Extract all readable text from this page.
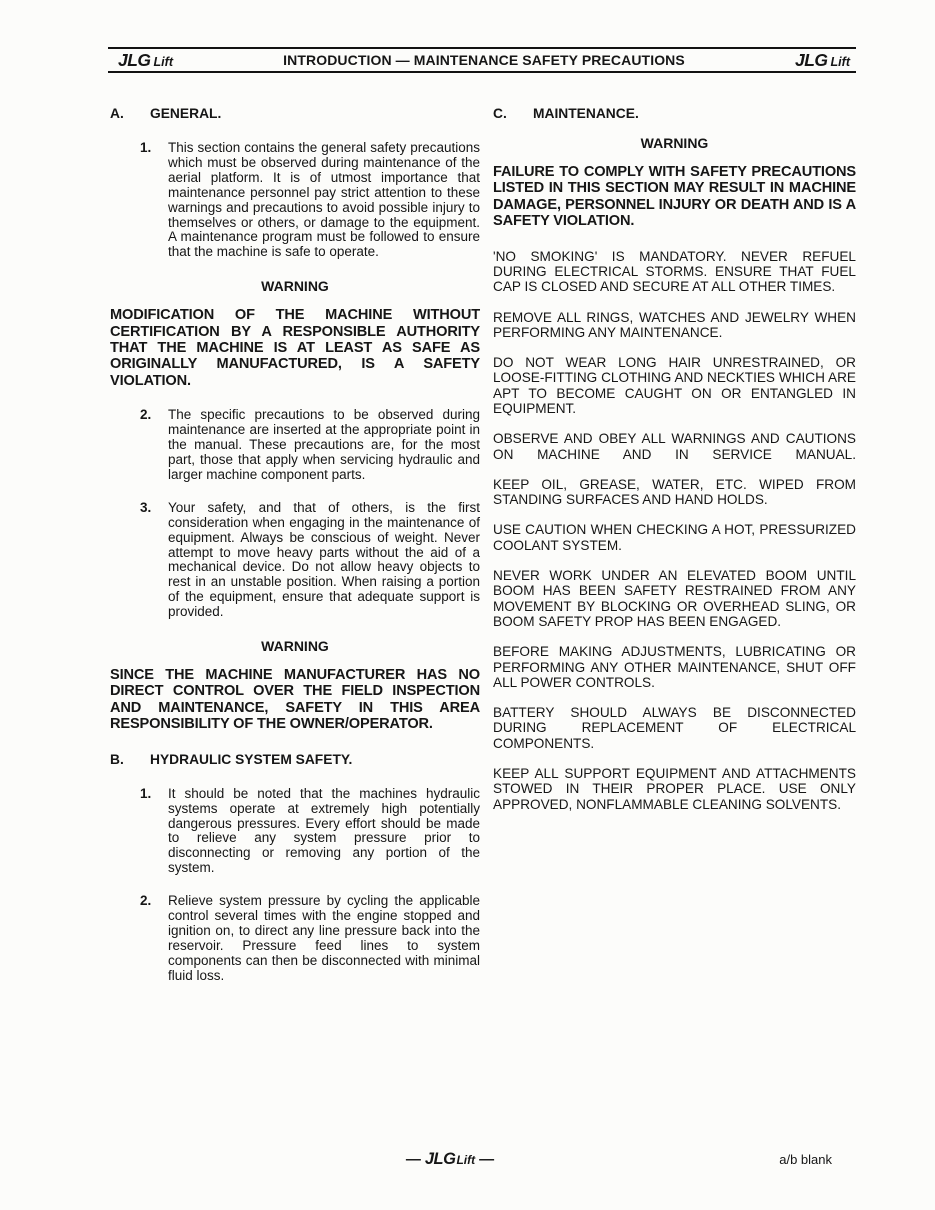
JLG Lift	INTRODUCTION — MAINTENANCE SAFETY PRECAUTIONS	JLG Lift
A.	GENERAL.
1.	This section contains the general safety precautions which must be observed during maintenance of the aerial platform. It is of utmost importance that maintenance personnel pay strict attention to these warnings and precautions to avoid possible injury to themselves or others, or damage to the equipment. A maintenance program must be followed to ensure that the machine is safe to operate.
WARNING

MODIFICATION OF THE MACHINE WITHOUT CERTIFICATION BY A RESPONSIBLE AUTHORITY THAT THE MACHINE IS AT LEAST AS SAFE AS ORIGINALLY MANUFACTURED, IS A SAFETY VIOLATION.

2.	The specific precautions to be observed during maintenance are inserted at the appropriate point in the manual. These precautions are, for the most part, those that apply when servicing hydraulic and larger machine component parts.
3.	Your safety, and that of others, is the first consideration when engaging in the maintenance of equipment. Always be conscious of weight. Never attempt to move heavy parts without the aid of a mechanical device. Do not allow heavy objects to rest in an unstable position. When raising a portion of the equipment, ensure that adequate support is provided.
WARNING

SINCE THE MACHINE MANUFACTURER HAS NO DIRECT CONTROL OVER THE FIELD INSPECTION AND MAINTENANCE, SAFETY IN THIS AREA RESPONSIBILITY OF THE OWNER/OPERATOR.

B.	HYDRAULIC SYSTEM SAFETY.
1.	It should be noted that the machines hydraulic systems operate at extremely high potentially dangerous pressures. Every effort should be made to relieve any system pressure prior to disconnecting or removing any portion of the system.
2.	Relieve system pressure by cycling the applicable control several times with the engine stopped and ignition on, to direct any line pressure back into the reservoir. Pressure feed lines to system components can then be disconnected with minimal fluid loss.
C.	MAINTENANCE.
WARNING

FAILURE TO COMPLY WITH SAFETY PRECAUTIONS LISTED IN THIS SECTION MAY RESULT IN MACHINE DAMAGE, PERSONNEL INJURY OR DEATH AND IS A SAFETY VIOLATION.

'NO SMOKING' IS MANDATORY. NEVER REFUEL DURING ELECTRICAL STORMS. ENSURE THAT FUEL CAP IS CLOSED AND SECURE AT ALL OTHER TIMES.

REMOVE ALL RINGS, WATCHES AND JEWELRY WHEN PERFORMING ANY MAINTENANCE.

DO NOT WEAR LONG HAIR UNRESTRAINED, OR LOOSE-FITTING CLOTHING AND NECKTIES WHICH ARE APT TO BECOME CAUGHT ON OR ENTANGLED IN EQUIPMENT.

OBSERVE AND OBEY ALL WARNINGS AND CAUTIONS ON MACHINE AND IN SERVICE MANUAL.

KEEP OIL, GREASE, WATER, ETC. WIPED FROM STANDING SURFACES AND HAND HOLDS.

USE CAUTION WHEN CHECKING A HOT, PRESSURIZED COOLANT SYSTEM.

NEVER WORK UNDER AN ELEVATED BOOM UNTIL BOOM HAS BEEN SAFETY RESTRAINED FROM ANY MOVEMENT BY BLOCKING OR OVERHEAD SLING, OR BOOM SAFETY PROP HAS BEEN ENGAGED.

BEFORE MAKING ADJUSTMENTS, LUBRICATING OR PERFORMING ANY OTHER MAINTENANCE, SHUT OFF ALL POWER CONTROLS.

BATTERY SHOULD ALWAYS BE DISCONNECTED DURING REPLACEMENT OF ELECTRICAL COMPONENTS.

KEEP ALL SUPPORT EQUIPMENT AND ATTACHMENTS STOWED IN THEIR PROPER PLACE. USE ONLY APPROVED, NONFLAMMABLE CLEANING SOLVENTS.

— JLGLift —	a/b blank
